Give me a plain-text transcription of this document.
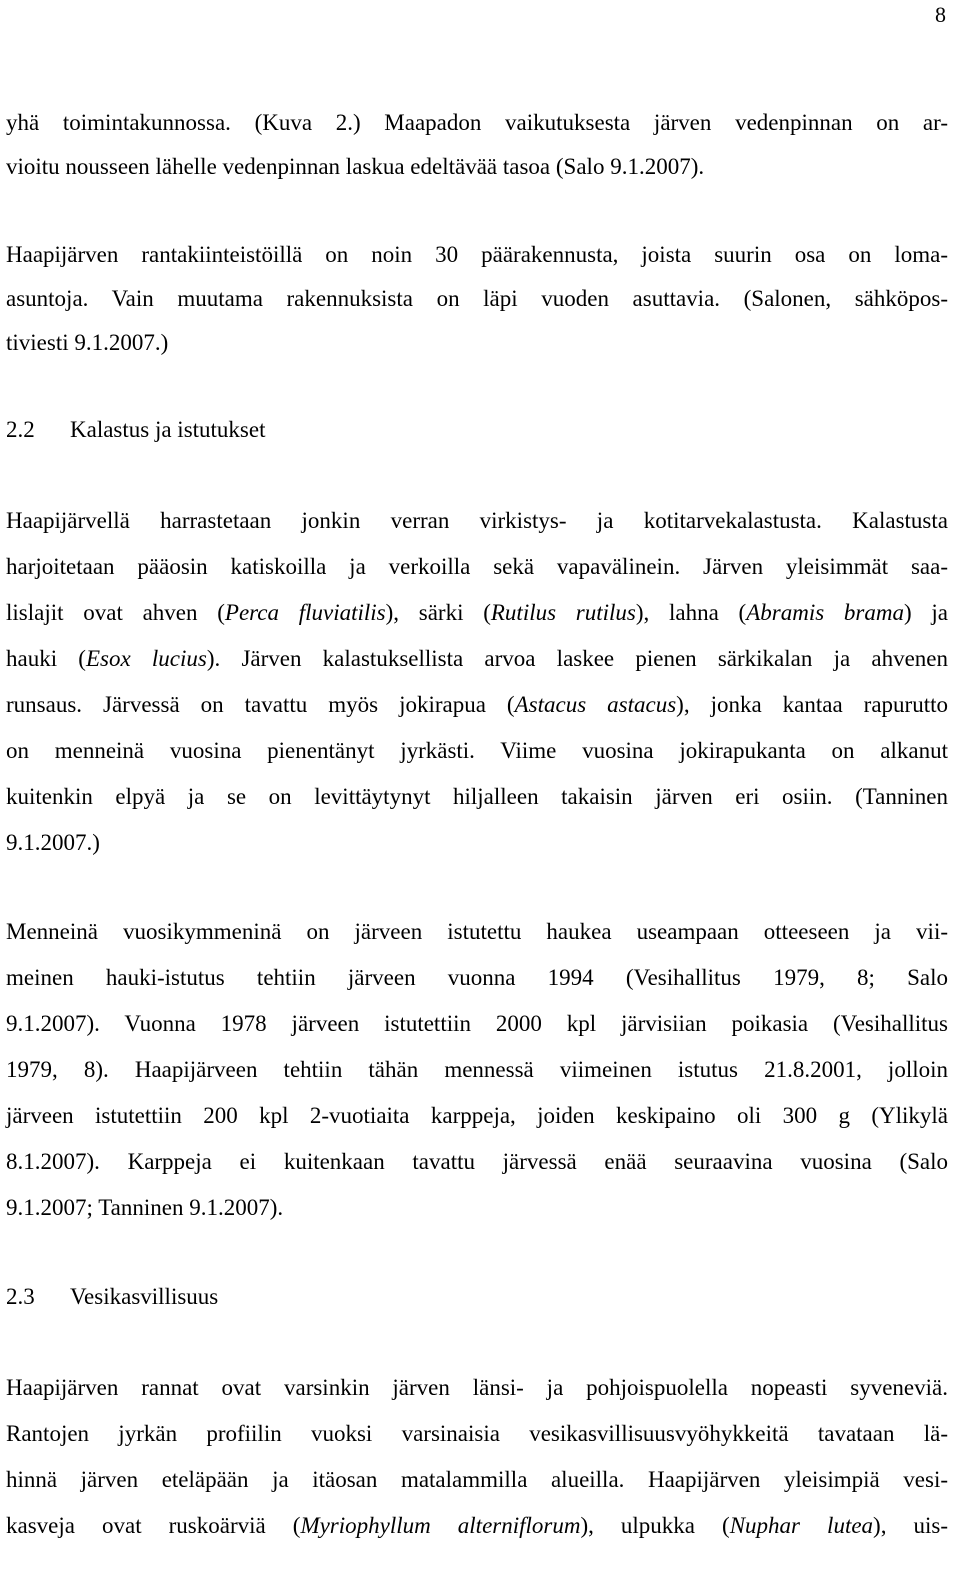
8
yhä toimintakunnossa. (Kuva 2.) Maapadon vaikutuksesta järven vedenpinnan on ar-
vioitu nousseen lähelle vedenpinnan laskua edeltävää tasoa (Salo 9.1.2007).
Haapijärven rantakiinteistöillä on noin 30 päärakennusta, joista suurin osa on loma-
asuntoja. Vain muutama rakennuksista on läpi vuoden asuttavia. (Salonen, sähköpos-
tiviesti 9.1.2007.)
2.2 Kalastus ja istutukset
Haapijärvellä harrastetaan jonkin verran virkistys- ja kotitarvekalastusta. Kalastusta
harjoitetaan pääosin katiskoilla ja verkoilla sekä vapavälinein. Järven yleisimmät saa-
lislajit ovat ahven (Perca fluviatilis), särki (Rutilus rutilus), lahna (Abramis brama) ja
hauki (Esox lucius). Järven kalastuksellista arvoa laskee pienen särkikalan ja ahvenen
runsaus. Järvessä on tavattu myös jokirapua (Astacus astacus), jonka kantaa rapurutto
on menneinä vuosina pienentänyt jyrkästi. Viime vuosina jokirapukanta on alkanut
kuitenkin elpyä ja se on levittäytynyt hiljalleen takaisin järven eri osiin. (Tanninen
9.1.2007.)
Menneinä vuosikymmeninä on järveen istutettu haukea useampaan otteeseen ja vii-
meinen hauki-istutus tehtiin järveen vuonna 1994 (Vesihallitus 1979, 8; Salo
9.1.2007). Vuonna 1978 järveen istutettiin 2000 kpl järvisiian poikasia (Vesihallitus
1979, 8). Haapijärveen tehtiin tähän mennessä viimeinen istutus 21.8.2001, jolloin
järveen istutettiin 200 kpl 2-vuotiaita karppeja, joiden keskipaino oli 300 g (Ylikylä
8.1.2007). Karppeja ei kuitenkaan tavattu järvessä enää seuraavina vuosina (Salo
9.1.2007; Tanninen 9.1.2007).
2.3 Vesikasvillisuus
Haapijärven rannat ovat varsinkin järven länsi- ja pohjoispuolella nopeasti syveneviä.
Rantojen jyrkän profiilin vuoksi varsinaisia vesikasvillisuusvyöhykkeitä tavataan lä-
hinnä järven eteläpään ja itäosan matalammilla alueilla. Haapijärven yleisimpiä vesi-
kasveja ovat ruskoärviä (Myriophyllum alterniflorum), ulpukka (Nuphar lutea), uis-
